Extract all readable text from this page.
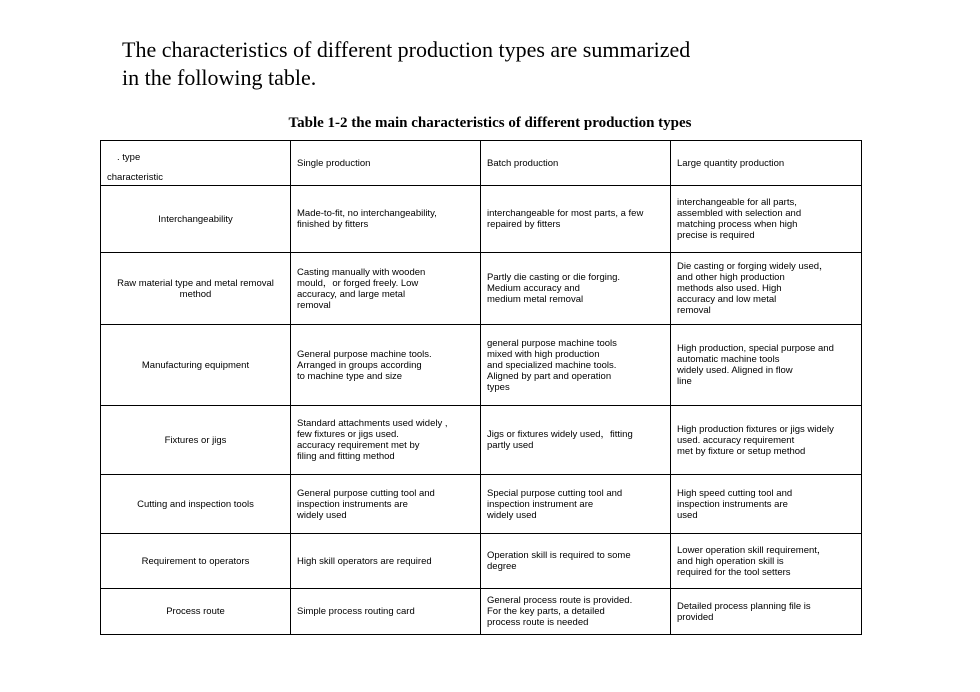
The characteristics of different production types are summarized
in the following table.

Table 1-2 the main characteristics of different production types

. type

characteristic	Single production	Batch production	Large quantity production
Interchangeability	Made-to-fit, no interchangeability,
finished by fitters	interchangeable for most parts, a few
repaired by fitters	interchangeable for all parts,
assembled with selection and
matching process when high
precise is required
Raw material type and metal removal
method	Casting manually with wooden
mould，or forged freely. Low
accuracy, and large metal
removal	Partly die casting or die forging.
Medium accuracy and
medium metal removal	Die casting or forging widely used，
and other high production
methods also used. High
accuracy and low metal
removal
Manufacturing equipment	General purpose machine tools.
Arranged in groups according
to machine type and size	general purpose machine tools
mixed with high production
and specialized machine tools.
Aligned by part and operation
types	High production, special purpose and
automatic machine tools
widely used. Aligned in flow
line
Fixtures or jigs	Standard attachments used widely ,
few fixtures or jigs used.
accuracy requirement met by
filing and fitting method	Jigs or fixtures widely used，fitting
partly used	High production fixtures or jigs widely
used. accuracy requirement
met by fixture or setup method
Cutting and inspection tools	General purpose cutting tool and
inspection instruments are
widely used	Special purpose cutting tool and
inspection instrument are
widely used	High speed cutting tool and
inspection instruments are
used
Requirement to operators	High skill operators are required	Operation skill is required to some
degree	Lower operation skill requirement，
and high operation skill is
required for the tool setters
Process route	Simple process routing card	General process route is provided.
For the key parts, a detailed
process route is needed	Detailed process planning file is
provided
